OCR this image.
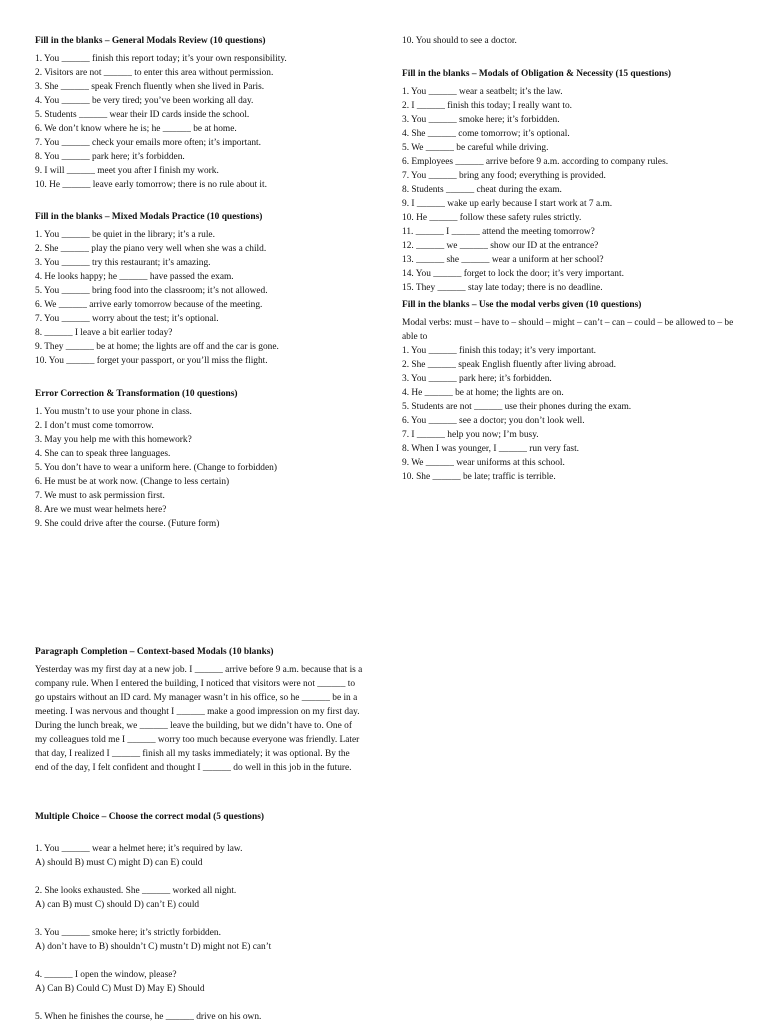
Fill in the blanks – General Modals Review (10 questions)
1. You ______ finish this report today; it’s your own responsibility.
2. Visitors are not ______ to enter this area without permission.
3. She ______ speak French fluently when she lived in Paris.
4. You ______ be very tired; you’ve been working all day.
5. Students ______ wear their ID cards inside the school.
6. We don’t know where he is; he ______ be at home.
7. You ______ check your emails more often; it’s important.
8. You ______ park here; it’s forbidden.
9. I will ______ meet you after I finish my work.
10. He ______ leave early tomorrow; there is no rule about it.
Fill in the blanks – Mixed Modals Practice (10 questions)
1. You ______ be quiet in the library; it’s a rule.
2. She ______ play the piano very well when she was a child.
3. You ______ try this restaurant; it’s amazing.
4. He looks happy; he ______ have passed the exam.
5. You ______ bring food into the classroom; it’s not allowed.
6. We ______ arrive early tomorrow because of the meeting.
7. You ______ worry about the test; it’s optional.
8. ______ I leave a bit earlier today?
9. They ______ be at home; the lights are off and the car is gone.
10. You ______ forget your passport, or you’ll miss the flight.
Error Correction & Transformation (10 questions)
1. You mustn’t to use your phone in class.
2. I don’t must come tomorrow.
3. May you help me with this homework?
4. She can to speak three languages.
5. You don’t have to wear a uniform here. (Change to forbidden)
6. He must be at work now. (Change to less certain)
7. We must to ask permission first.
8. Are we must wear helmets here?
9. She could drive after the course. (Future form)
Paragraph Completion – Context-based Modals (10 blanks)
Yesterday was my first day at a new job. I ______ arrive before 9 a.m. because that is a company rule. When I entered the building, I noticed that visitors were not ______ to go upstairs without an ID card. My manager wasn’t in his office, so he ______ be in a meeting. I was nervous and thought I ______ make a good impression on my first day. During the lunch break, we ______ leave the building, but we didn’t have to. One of my colleagues told me I ______ worry too much because everyone was friendly. Later that day, I realized I ______ finish all my tasks immediately; it was optional. By the end of the day, I felt confident and thought I ______ do well in this job in the future.
Multiple Choice – Choose the correct modal (5 questions)
1. You ______ wear a helmet here; it’s required by law.
A) should B) must C) might D) can E) could
2. She looks exhausted. She ______ worked all night.
A) can B) must C) should D) can’t E) could
3. You ______ smoke here; it’s strictly forbidden.
A) don’t have to B) shouldn’t C) mustn’t D) might not E) can’t
4. ______ I open the window, please?
A) Can B) Could C) Must D) May E) Should
5. When he finishes the course, he ______ drive on his own.
10. You should to see a doctor.
Fill in the blanks – Modals of Obligation & Necessity (15 questions)
1. You ______ wear a seatbelt; it’s the law.
2. I ______ finish this today; I really want to.
3. You ______ smoke here; it’s forbidden.
4. She ______ come tomorrow; it’s optional.
5. We ______ be careful while driving.
6. Employees ______ arrive before 9 a.m. according to company rules.
7. You ______ bring any food; everything is provided.
8. Students ______ cheat during the exam.
9. I ______ wake up early because I start work at 7 a.m.
10. He ______ follow these safety rules strictly.
11. ______ I ______ attend the meeting tomorrow?
12. ______ we ______ show our ID at the entrance?
13. ______ she ______ wear a uniform at her school?
14. You ______ forget to lock the door; it’s very important.
15. They ______ stay late today; there is no deadline.
Fill in the blanks – Use the modal verbs given (10 questions)
Modal verbs: must – have to – should – might – can’t – can – could – be allowed to – be able to
1. You ______ finish this today; it’s very important.
2. She ______ speak English fluently after living abroad.
3. You ______ park here; it’s forbidden.
4. He ______ be at home; the lights are on.
5. Students are not ______ use their phones during the exam.
6. You ______ see a doctor; you don’t look well.
7. I ______ help you now; I’m busy.
8. When I was younger, I ______ run very fast.
9. We ______ wear uniforms at this school.
10. She ______ be late; traffic is terrible.
